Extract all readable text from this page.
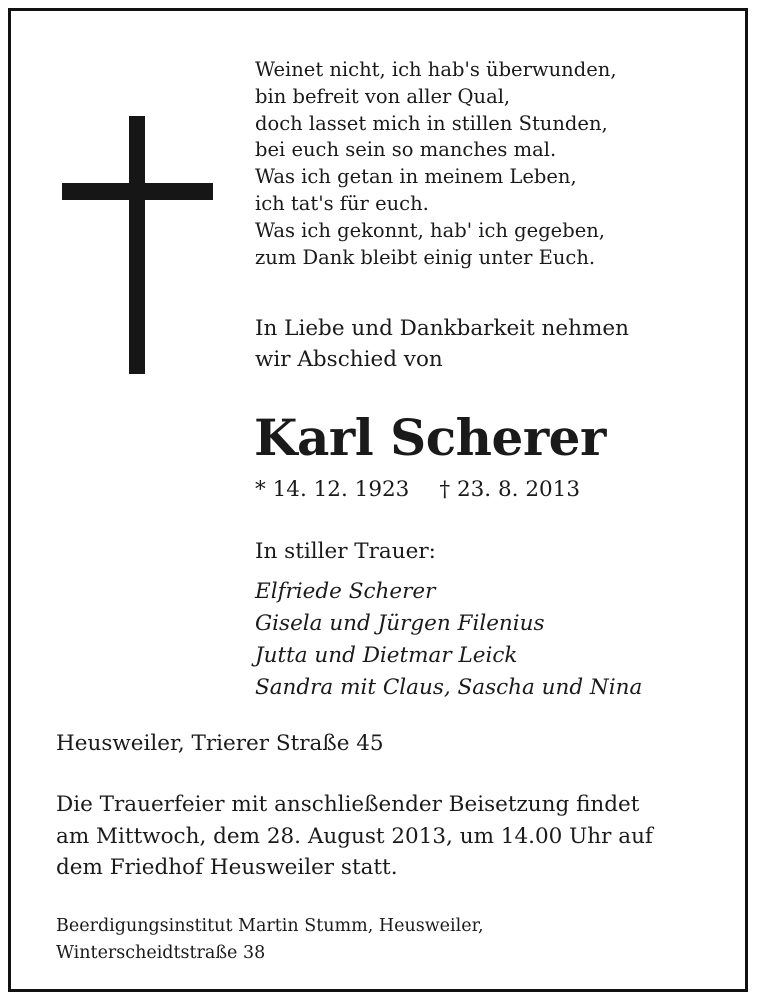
Weinet nicht, ich hab's überwunden,
bin befreit von aller Qual,
doch lasset mich in stillen Stunden,
bei euch sein so manches mal.
Was ich getan in meinem Leben,
ich tat's für euch.
Was ich gekonnt, hab' ich gegeben,
zum Dank bleibt einig unter Euch.
In Liebe und Dankbarkeit nehmen
wir Abschied von
Karl Scherer
* 14. 12. 1923 † 23. 8. 2013
In stiller Trauer:
Elfriede Scherer
Gisela und Jürgen Filenius
Jutta und Dietmar Leick
Sandra mit Claus, Sascha und Nina
Heusweiler, Trierer Straße 45
Die Trauerfeier mit anschließender Beisetzung findet
am Mittwoch, dem 28. August 2013, um 14.00 Uhr auf
dem Friedhof Heusweiler statt.
Beerdigungsinstitut Martin Stumm, Heusweiler,
Winterscheidtstraße 38
